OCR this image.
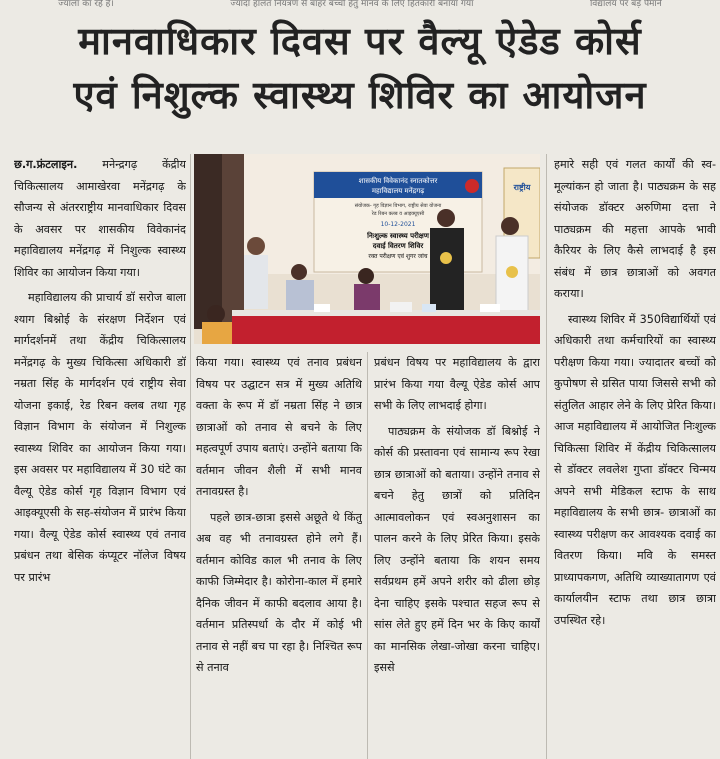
ज्याला का रहे हैं।	ज्यादा हालत नियंत्रण से बाहर बच्चों हेतु मानव के लिए हितकारी बनाया गया	विद्यालय पर बड़े पैमाने
मानवाधिकार दिवस पर वैल्यू ऐडेड कोर्स
एवं निशुल्क स्वास्थ्य शिविर का आयोजन

छ.ग.फ्रंटलाइन. मनेन्द्रगढ़ केंद्रीय चिकित्सालय आमाखेरवा मनेंद्रगढ़ के सौजन्य से अंतरराष्ट्रीय मानवाधिकार दिवस के अवसर पर शासकीय विवेकानंद महाविद्यालय मनेंद्रगढ़ में निशुल्क स्वास्थ्य शिविर का आयोजन किया गया।

महाविद्यालय की प्राचार्य डॉ सरोज बाला श्याग बिश्नोई के संरक्षण निर्देशन एवं मार्गदर्शनमें तथा केंद्रीय चिकित्सालय मनेंद्रगढ़ के मुख्य चिकित्सा अधिकारी डॉ नम्रता सिंह के मार्गदर्शन एवं राष्ट्रीय सेवा योजना इकाई, रेड रिबन क्लब तथा गृह विज्ञान विभाग के संयोजन में निशुल्क स्वास्थ्य शिविर का आयोजन किया गया। इस अवसर पर महाविद्यालय में 30 घंटे का वैल्यू ऐडेड कोर्स गृह विज्ञान विभाग एवं आइक्यूएसी के सह-संयोजन में प्रारंभ किया गया। वैल्यू ऐडेड कोर्स स्वास्थ्य एवं तनाव प्रबंधन तथा बेसिक कंप्यूटर नॉलेज विषय पर प्रारंभ

शासकीय विवेकानंद स्नातकोत्तर
महाविद्यालय मनेंद्रगढ़
संयोजक- गृह विज्ञान विभाग, राष्ट्रीय सेवा योजना
रेड रिबन क्लब व आइक्यूएसी
10-12-2021
निःशुल्क स्वास्थ्य परीक्षण
दवाई वितरण शिविर
रक्त परीक्षण एवं शुगर जांच
राष्ट्रीय

किया गया। स्वास्थ्य एवं तनाव प्रबंधन विषय पर उद्घाटन सत्र में मुख्य अतिथि वक्ता के रूप में डॉ नम्रता सिंह ने छात्र छात्राओं को तनाव से बचने के लिए महत्वपूर्ण उपाय बताएं। उन्होंने बताया कि वर्तमान जीवन शैली में सभी मानव तनावग्रस्त है।

पहले छात्र-छात्रा इससे अछूते थे किंतु अब वह भी तनावग्रस्त होने लगे हैं। वर्तमान कोविड काल भी तनाव के लिए काफी जिम्मेदार है। कोरोना-काल में हमारे दैनिक जीवन में काफी बदलाव आया है। वर्तमान प्रतिस्पर्धा के दौर में कोई भी तनाव से नहीं बच पा रहा है। निश्चित रूप से तनाव

प्रबंधन विषय पर महाविद्यालय के द्वारा प्रारंभ किया गया वैल्यू ऐडेड कोर्स आप सभी के लिए लाभदाई होगा।

पाठ्यक्रम के संयोजक डॉ बिश्नोई ने कोर्स की प्रस्तावना एवं सामान्य रूप रेखा छात्र छात्राओं को बताया। उन्होंने तनाव से बचने हेतु छात्रों को प्रतिदिन आत्मावलोकन एवं स्वअनुशासन का पालन करने के लिए प्रेरित किया। इसके लिए उन्होंने बताया कि शयन समय सर्वप्रथम हमें अपने शरीर को ढीला छोड़ देना चाहिए इसके पश्चात सहज रूप से सांस लेते हुए हमें दिन भर के किए कार्यों का मानसिक लेखा-जोखा करना चाहिए। इससे

हमारे सही एवं गलत कार्यों की स्व-मूल्यांकन हो जाता है। पाठ्यक्रम के सह संयोजक डॉक्टर अरुणिमा दत्ता ने पाठ्यक्रम की महत्ता आपके भावी कैरियर के लिए कैसे लाभदाई है इस संबंध में छात्र छात्राओं को अवगत कराया।

स्वास्थ्य शिविर में 350विद्यार्थियों एवं अधिकारी तथा कर्मचारियों का स्वास्थ्य परीक्षण किया गया। ज्यादातर बच्चों को कुपोषण से ग्रसित पाया जिससे सभी को संतुलित आहार लेने के लिए प्रेरित किया। आज महाविद्यालय में आयोजित निःशुल्क चिकित्सा शिविर में केंद्रीय चिकित्सालय से डॉक्टर लवलेश गुप्ता डॉक्टर चिन्मय अपने सभी मेडिकल स्टाफ के साथ महाविद्यालय के सभी छात्र- छात्राओं का स्वास्थ्य परीक्षण कर आवश्यक दवाई का वितरण किया। मवि के समस्त प्राध्यापकगण, अतिथि व्याख्यातागण एवं कार्यालयीन स्टाफ तथा छात्र छात्रा उपस्थित रहे।
